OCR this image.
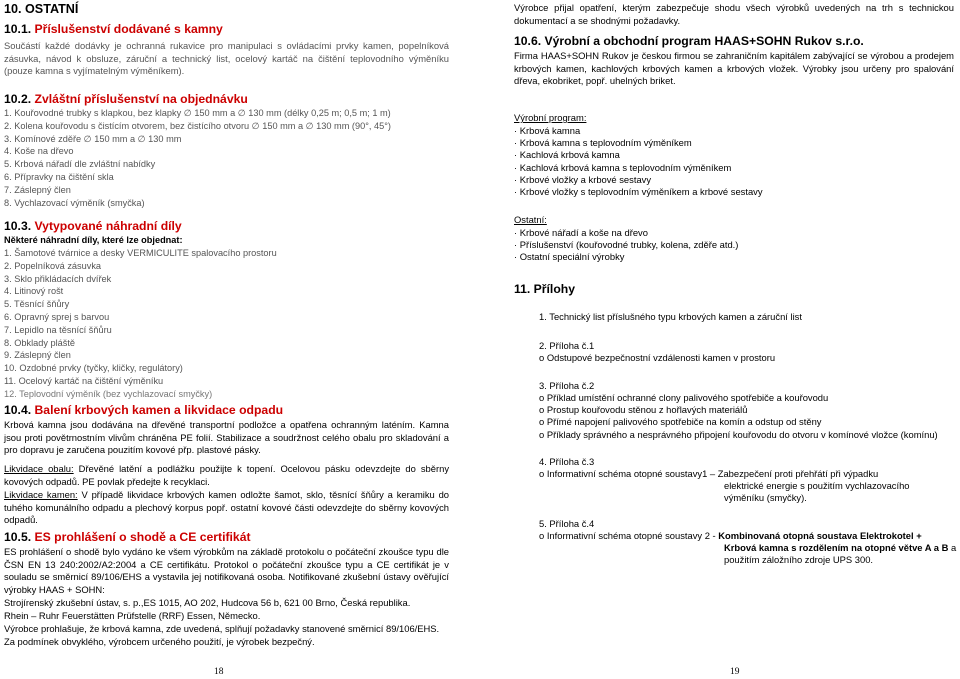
10. OSTATNÍ
10.1. Příslušenství dodávané s kamny

Součástí každé dodávky je ochranná rukavice pro manipulaci s ovládacími prvky kamen, popelníková zásuvka, návod k obsluze, záruční a technický list, ocelový kartáč na čištění teplovodního výměníku (pouze kamna s vyjímatelným výměníkem).

10.2. Zvláštní příslušenství na objednávku
1. Kouřovodné trubky s klapkou, bez klapky ∅ 150 mm a ∅ 130 mm (délky 0,25 m; 0,5 m; 1 m)
2. Kolena kouřovodu s čistícím otvorem, bez čistícího otvoru ∅ 150 mm a ∅ 130 mm (90°, 45°)
3. Komínové zděře ∅ 150 mm a ∅ 130 mm
4. Koše na dřevo
5. Krbová nářadí dle zvláštní nabídky
6. Přípravky na čištění skla
7. Záslepný člen
8. Vychlazovací výměník (smyčka)
10.3. Vytypované náhradní díly
Některé náhradní díly, které lze objednat:
1. Šamotové tvárnice a desky VERMICULITE spalovacího prostoru
2. Popelníková zásuvka
3. Sklo přikládacích dvířek
4. Litinový rošt
5. Těsnící šňůry
6. Opravný sprej s barvou
7. Lepidlo na těsnící šňůru
8. Obklady pláště
9. Záslepný člen
10. Ozdobné prvky (tyčky, kličky, regulátory)
11. Ocelový kartáč na čištění výměníku
12. Teplovodní výměník (bez vychlazovací smyčky)
10.4. Balení krbových kamen a likvidace odpadu

Krbová kamna jsou dodávána na dřevěné transportní podložce a opatřena ochranným laténím. Kamna jsou proti povětrnostním vlivům chráněna PE folií. Stabilizace a soudržnost celého obalu pro skladování a pro dopravu je zaručena pouzitím kovové přp. plastové pásky.

Likvidace obalu: Dřevěné latění a podlážku použijte k topení. Ocelovou pásku odevzdejte do sběrny kovových odpadů. PE povlak předejte k recyklaci.

Likvidace kamen: V případě likvidace krbových kamen odložte šamot, sklo, těsnící šňůry a keramiku do tuhého komunálního odpadu a plechový korpus popř. ostatní kovové části odevzdejte do sběrny kovových odpadů.

10.5. ES prohlášení o shodě a CE certifikát

ES prohlášení o shodě bylo vydáno ke všem výrobkům na základě protokolu o počáteční zkoušce typu dle ČSN EN 13 240:2002/A2:2004 a CE certifikátu. Protokol o počáteční zkoušce typu a CE certifikát je v souladu se směrnicí 89/106/EHS a vystavila jej notifikovaná osoba. Notifikované zkušební ústavy ověřující výrobky HAAS + SOHN:

Strojírenský zkušební ústav, s. p.,ES 1015, AO 202, Hudcova 56 b, 621 00 Brno, Česká republika.

Rhein – Ruhr Feuerstätten Prüfstelle (RRF) Essen, Německo.

Výrobce prohlašuje, že krbová kamna, zde uvedená, splňují požadavky stanovené směrnicí 89/106/EHS.

Za podmínek obvyklého, výrobcem určeného použití, je výrobek bezpečný.

18

Výrobce přijal opatření, kterým zabezpečuje shodu všech výrobků uvedených na trh s technickou dokumentací a se shodnými požadavky.

10.6. Výrobní a obchodní program HAAS+SOHN Rukov s.r.o.

Firma HAAS+SOHN Rukov je českou firmou se zahraničním kapitálem zabývající se výrobou a prodejem krbových kamen, kachlových krbových kamen a krbových vložek. Výrobky jsou určeny pro spalování dřeva, ekobriket, popř. uhelných briket.

Výrobní program:
· Krbová kamna
· Krbová kamna s teplovodním výměníkem
· Kachlová krbová kamna
· Kachlová krbová kamna s teplovodním výměníkem
· Krbové vložky a krbové sestavy
· Krbové vložky s teplovodním výměníkem a krbové sestavy
Ostatní:
· Krbové nářadí a koše na dřevo
· Příslušenství (kouřovodné trubky, kolena, zděře atd.)
· Ostatní speciální výrobky
11. Přílohy
1. Technický list příslušného typu krbových kamen a záruční list
2. Příloha č.1
o Odstupové bezpečnostní vzdálenosti kamen v prostoru
3. Příloha č.2
o Příklad umístění ochranné clony palivového spotřebiče a kouřovodu
o Prostup kouřovodu stěnou z hořlavých materiálů
o Přímé napojení palivového spotřebiče na komín a odstup od stěny
o Příklady správného a nesprávného připojení kouřovodu do otvoru v komínové vložce (komínu)
4. Příloha č.3
o Informativní schéma otopné soustavy1 – Zabezpečení proti přehřátí při výpadku
elektrické energie s použitím vychlazovacího
výměníku (smyčky).
5. Příloha č.4
o Informativní schéma otopné soustavy 2 - Kombinovaná otopná soustava Elektrokotel +
Krbová kamna s rozdělením na otopné větve A a B a
použitím záložního zdroje UPS 300.
19
